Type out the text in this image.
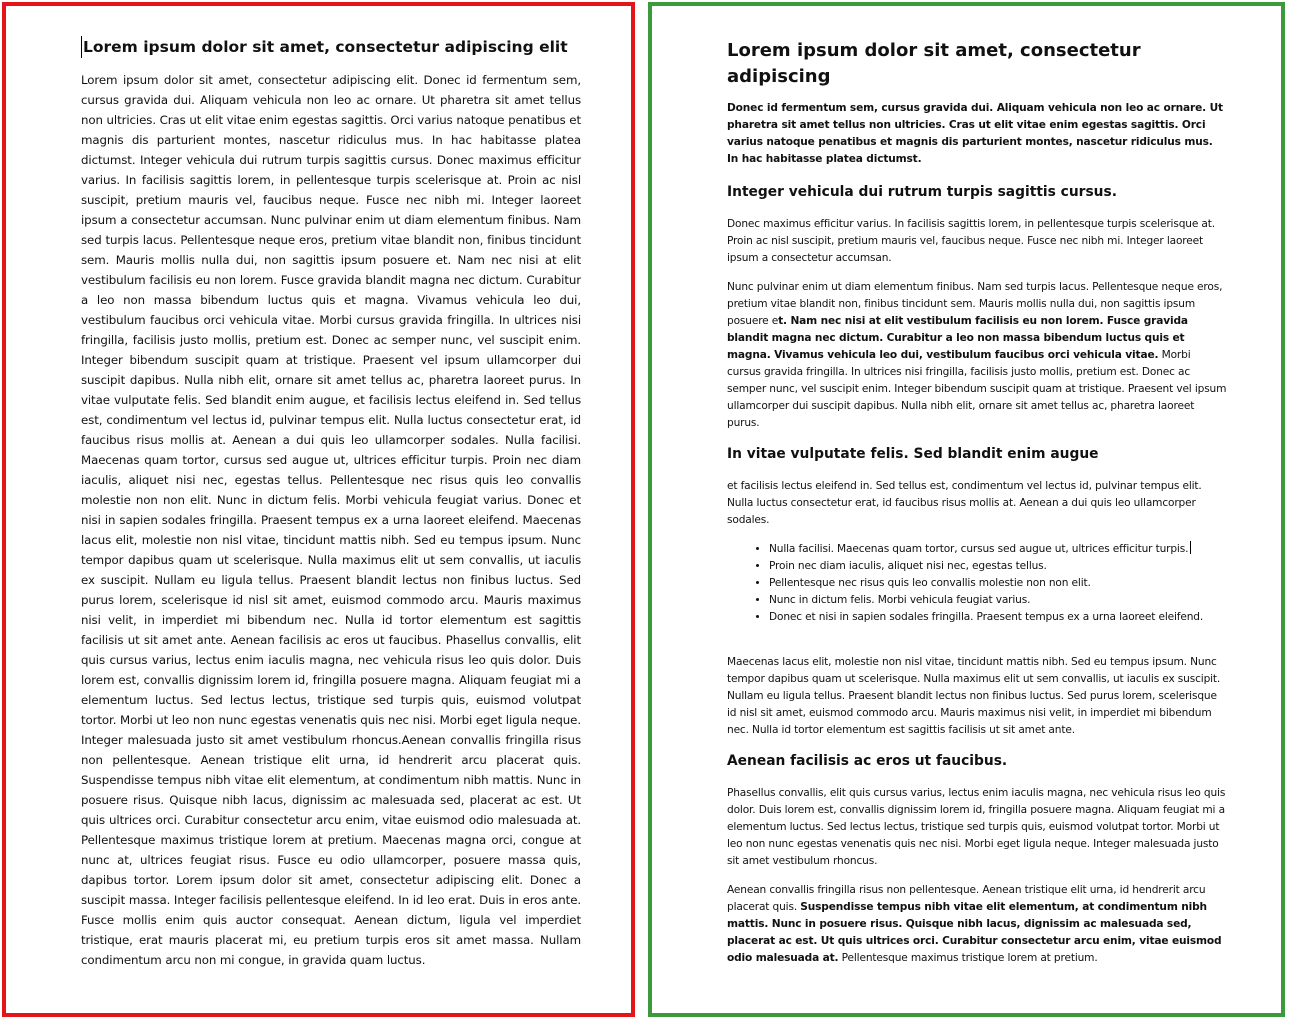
Lorem ipsum dolor sit amet, consectetur adipiscing elit

Lorem ipsum dolor sit amet, consectetur adipiscing elit. Donec id fermentum sem, cursus gravida dui. Aliquam vehicula non leo ac ornare. Ut pharetra sit amet tellus non ultricies. Cras ut elit vitae enim egestas sagittis. Orci varius natoque penatibus et magnis dis parturient montes, nascetur ridiculus mus. In hac habitasse platea dictumst. Integer vehicula dui rutrum turpis sagittis cursus. Donec maximus efficitur varius. In facilisis sagittis lorem, in pellentesque turpis scelerisque at. Proin ac nisl suscipit, pretium mauris vel, faucibus neque. Fusce nec nibh mi. Integer laoreet ipsum a consectetur accumsan. Nunc pulvinar enim ut diam elementum finibus. Nam sed turpis lacus. Pellentesque neque eros, pretium vitae blandit non, finibus tincidunt sem. Mauris mollis nulla dui, non sagittis ipsum posuere et. Nam nec nisi at elit vestibulum facilisis eu non lorem. Fusce gravida blandit magna nec dictum. Curabitur a leo non massa bibendum luctus quis et magna. Vivamus vehicula leo dui, vestibulum faucibus orci vehicula vitae. Morbi cursus gravida fringilla. In ultrices nisi fringilla, facilisis justo mollis, pretium est. Donec ac semper nunc, vel suscipit enim. Integer bibendum suscipit quam at tristique. Praesent vel ipsum ullamcorper dui suscipit dapibus. Nulla nibh elit, ornare sit amet tellus ac, pharetra laoreet purus. In vitae vulputate felis. Sed blandit enim augue, et facilisis lectus eleifend in. Sed tellus est, condimentum vel lectus id, pulvinar tempus elit. Nulla luctus consectetur erat, id faucibus risus mollis at. Aenean a dui quis leo ullamcorper sodales. Nulla facilisi. Maecenas quam tortor, cursus sed augue ut, ultrices efficitur turpis. Proin nec diam iaculis, aliquet nisi nec, egestas tellus. Pellentesque nec risus quis leo convallis molestie non non elit. Nunc in dictum felis. Morbi vehicula feugiat varius. Donec et nisi in sapien sodales fringilla. Praesent tempus ex a urna laoreet eleifend. Maecenas lacus elit, molestie non nisl vitae, tincidunt mattis nibh. Sed eu tempus ipsum. Nunc tempor dapibus quam ut scelerisque. Nulla maximus elit ut sem convallis, ut iaculis ex suscipit. Nullam eu ligula tellus. Praesent blandit lectus non finibus luctus. Sed purus lorem, scelerisque id nisl sit amet, euismod commodo arcu. Mauris maximus nisi velit, in imperdiet mi bibendum nec. Nulla id tortor elementum est sagittis facilisis ut sit amet ante. Aenean facilisis ac eros ut faucibus. Phasellus convallis, elit quis cursus varius, lectus enim iaculis magna, nec vehicula risus leo quis dolor. Duis lorem est, convallis dignissim lorem id, fringilla posuere magna. Aliquam feugiat mi a elementum luctus. Sed lectus lectus, tristique sed turpis quis, euismod volutpat tortor. Morbi ut leo non nunc egestas venenatis quis nec nisi. Morbi eget ligula neque. Integer malesuada justo sit amet vestibulum rhoncus.Aenean convallis fringilla risus non pellentesque. Aenean tristique elit urna, id hendrerit arcu placerat quis. Suspendisse tempus nibh vitae elit elementum, at condimentum nibh mattis. Nunc in posuere risus. Quisque nibh lacus, dignissim ac malesuada sed, placerat ac est. Ut quis ultrices orci. Curabitur consectetur arcu enim, vitae euismod odio malesuada at. Pellentesque maximus tristique lorem at pretium. Maecenas magna orci, congue at nunc at, ultrices feugiat risus. Fusce eu odio ullamcorper, posuere massa quis, dapibus tortor. Lorem ipsum dolor sit amet, consectetur adipiscing elit. Donec a suscipit massa. Integer facilisis pellentesque eleifend. In id leo erat. Duis in eros ante. Fusce mollis enim quis auctor consequat. Aenean dictum, ligula vel imperdiet tristique, erat mauris placerat mi, eu pretium turpis eros sit amet massa. Nullam condimentum arcu non mi congue, in gravida quam luctus.

Lorem ipsum dolor sit amet, consectetur adipiscing

Donec id fermentum sem, cursus gravida dui. Aliquam vehicula non leo ac ornare. Ut pharetra sit amet tellus non ultricies. Cras ut elit vitae enim egestas sagittis. Orci varius natoque penatibus et magnis dis parturient montes, nascetur ridiculus mus. In hac habitasse platea dictumst.

Integer vehicula dui rutrum turpis sagittis cursus.

Donec maximus efficitur varius. In facilisis sagittis lorem, in pellentesque turpis scelerisque at. Proin ac nisl suscipit, pretium mauris vel, faucibus neque. Fusce nec nibh mi. Integer laoreet ipsum a consectetur accumsan.

Nunc pulvinar enim ut diam elementum finibus. Nam sed turpis lacus. Pellentesque neque eros, pretium vitae blandit non, finibus tincidunt sem. Mauris mollis nulla dui, non sagittis ipsum posuere et. Nam nec nisi at elit vestibulum facilisis eu non lorem. Fusce gravida blandit magna nec dictum. Curabitur a leo non massa bibendum luctus quis et magna. Vivamus vehicula leo dui, vestibulum faucibus orci vehicula vitae. Morbi cursus gravida fringilla. In ultrices nisi fringilla, facilisis justo mollis, pretium est. Donec ac semper nunc, vel suscipit enim. Integer bibendum suscipit quam at tristique. Praesent vel ipsum ullamcorper dui suscipit dapibus. Nulla nibh elit, ornare sit amet tellus ac, pharetra laoreet purus.

In vitae vulputate felis. Sed blandit enim augue

et facilisis lectus eleifend in. Sed tellus est, condimentum vel lectus id, pulvinar tempus elit. Nulla luctus consectetur erat, id faucibus risus mollis at. Aenean a dui quis leo ullamcorper sodales.

• Nulla facilisi. Maecenas quam tortor, cursus sed augue ut, ultrices efficitur turpis.
• Proin nec diam iaculis, aliquet nisi nec, egestas tellus.
• Pellentesque nec risus quis leo convallis molestie non non elit.
• Nunc in dictum felis. Morbi vehicula feugiat varius.
• Donec et nisi in sapien sodales fringilla. Praesent tempus ex a urna laoreet eleifend.

Maecenas lacus elit, molestie non nisl vitae, tincidunt mattis nibh. Sed eu tempus ipsum. Nunc tempor dapibus quam ut scelerisque. Nulla maximus elit ut sem convallis, ut iaculis ex suscipit. Nullam eu ligula tellus. Praesent blandit lectus non finibus luctus. Sed purus lorem, scelerisque id nisl sit amet, euismod commodo arcu. Mauris maximus nisi velit, in imperdiet mi bibendum nec. Nulla id tortor elementum est sagittis facilisis ut sit amet ante.

Aenean facilisis ac eros ut faucibus.

Phasellus convallis, elit quis cursus varius, lectus enim iaculis magna, nec vehicula risus leo quis dolor. Duis lorem est, convallis dignissim lorem id, fringilla posuere magna. Aliquam feugiat mi a elementum luctus. Sed lectus lectus, tristique sed turpis quis, euismod volutpat tortor. Morbi ut leo non nunc egestas venenatis quis nec nisi. Morbi eget ligula neque. Integer malesuada justo sit amet vestibulum rhoncus.

Aenean convallis fringilla risus non pellentesque. Aenean tristique elit urna, id hendrerit arcu placerat quis. Suspendisse tempus nibh vitae elit elementum, at condimentum nibh mattis. Nunc in posuere risus. Quisque nibh lacus, dignissim ac malesuada sed, placerat ac est. Ut quis ultrices orci. Curabitur consectetur arcu enim, vitae euismod odio malesuada at. Pellentesque maximus tristique lorem at pretium.
